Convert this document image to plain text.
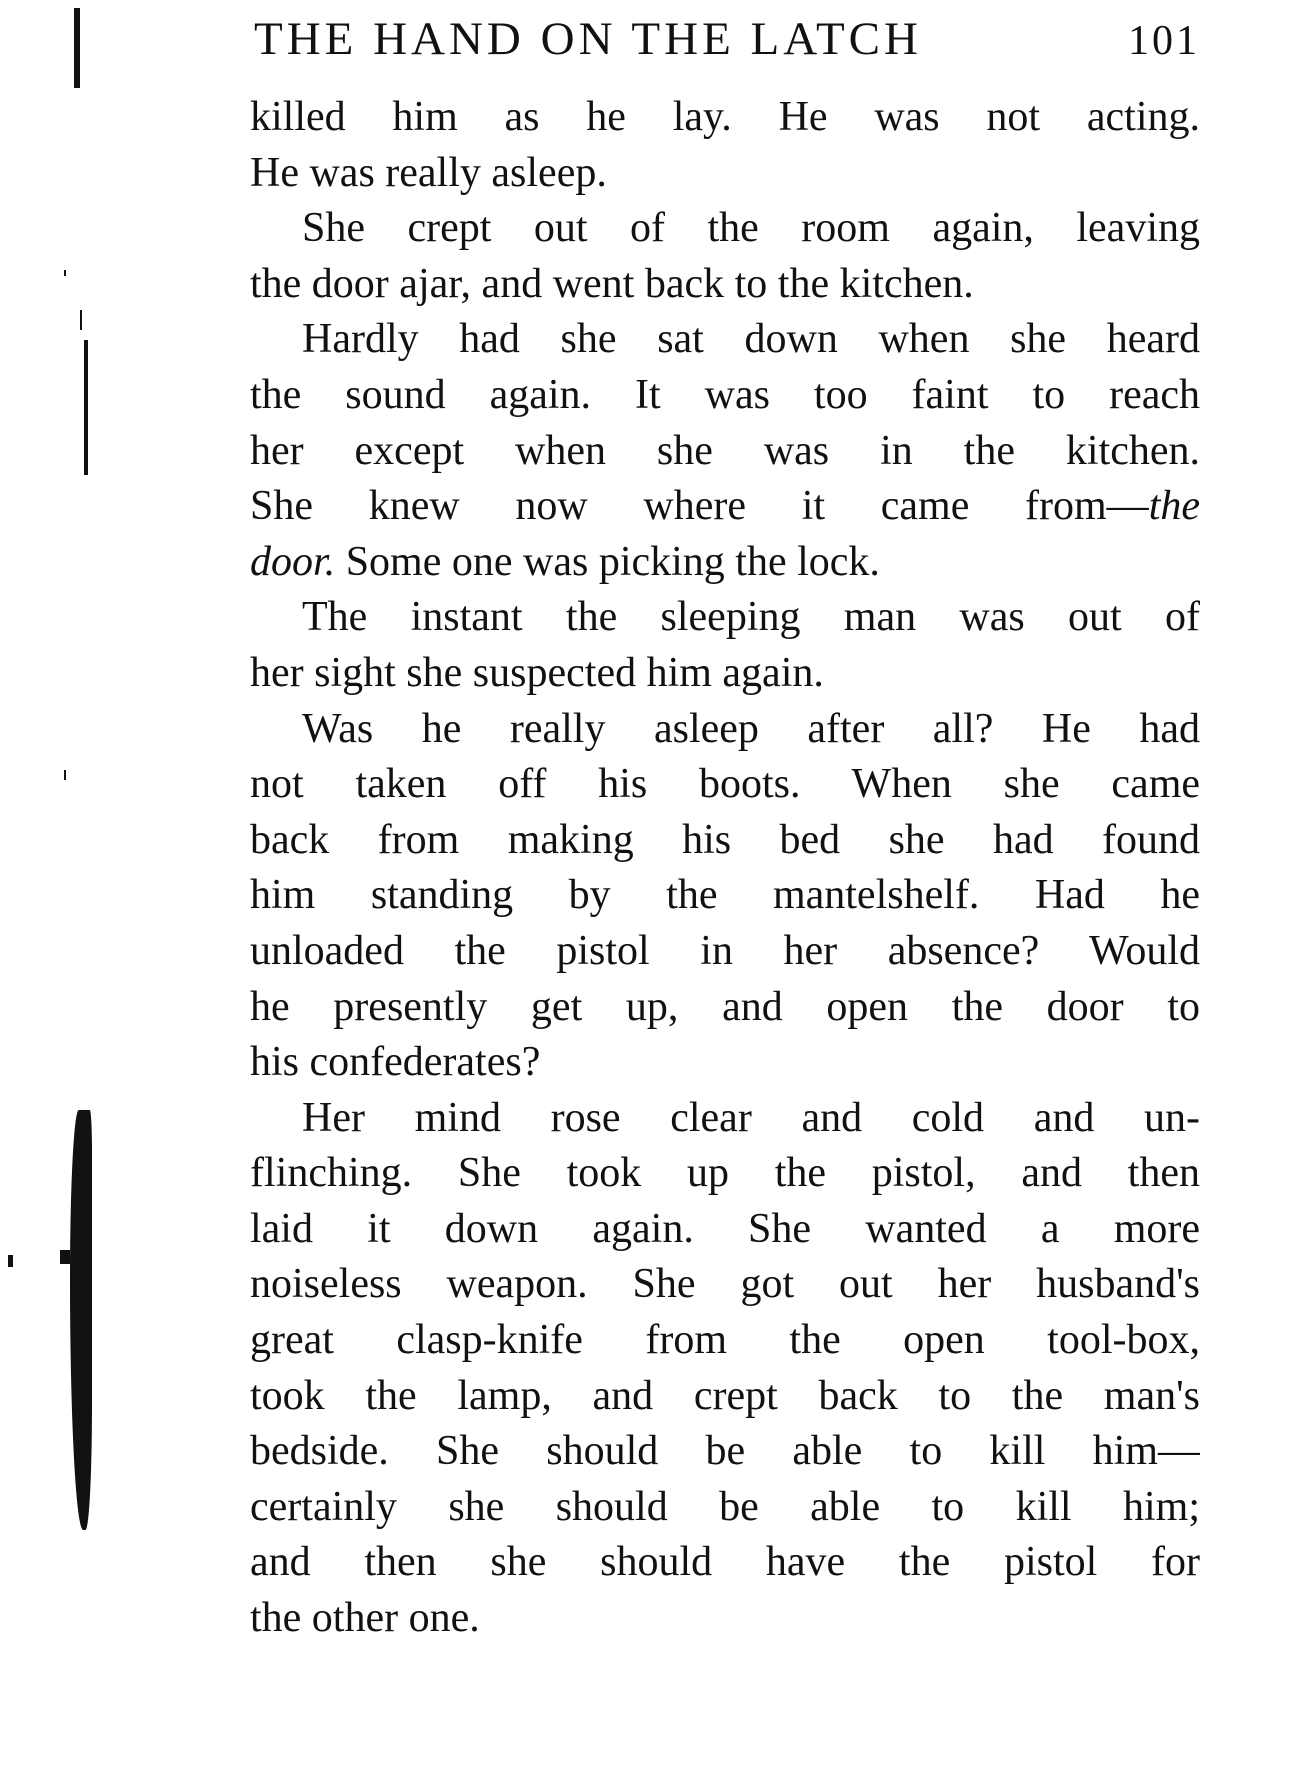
THE HAND ON THE LATCH	101
killed him as he lay. He was not acting.
He was really asleep.
She crept out of the room again, leaving
the door ajar, and went back to the kitchen.
Hardly had she sat down when she heard
the sound again. It was too faint to reach
her except when she was in the kitchen.
She knew now where it came from—the
door. Some one was picking the lock.
The instant the sleeping man was out of
her sight she suspected him again.
Was he really asleep after all? He had
not taken off his boots. When she came
back from making his bed she had found
him standing by the mantelshelf. Had he
unloaded the pistol in her absence? Would
he presently get up, and open the door to
his confederates?
Her mind rose clear and cold and un-
flinching. She took up the pistol, and then
laid it down again. She wanted a more
noiseless weapon. She got out her husband's
great clasp-knife from the open tool-box,
took the lamp, and crept back to the man's
bedside. She should be able to kill him—
certainly she should be able to kill him;
and then she should have the pistol for
the other one.
